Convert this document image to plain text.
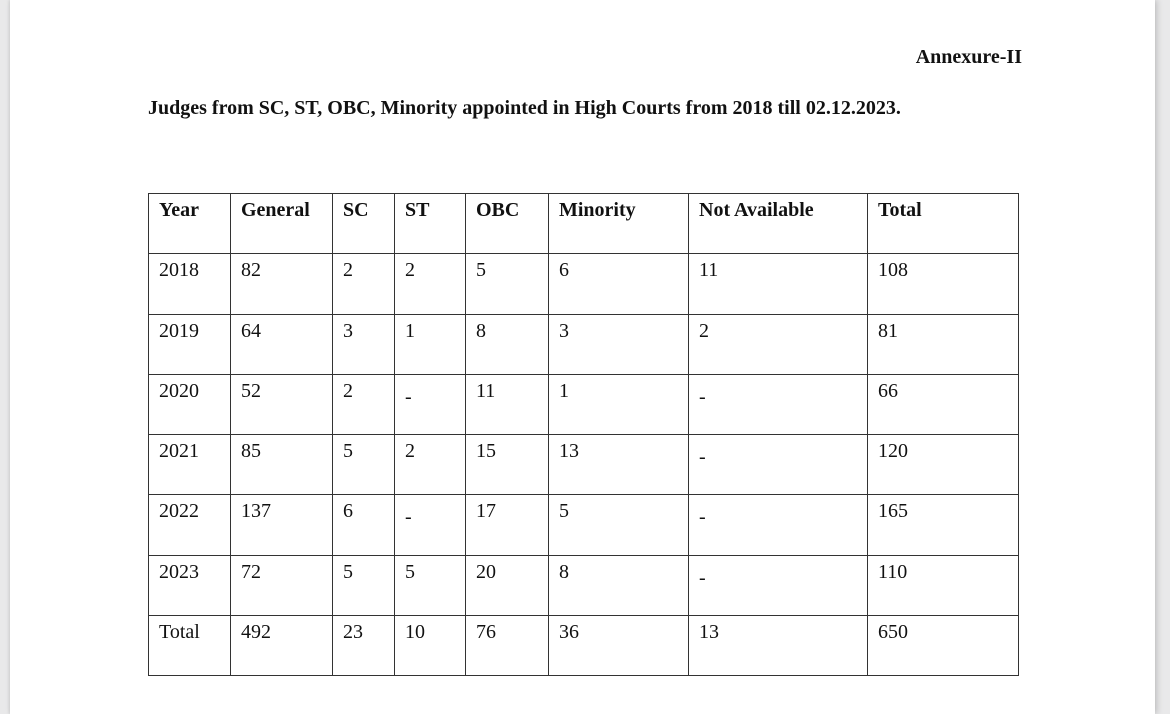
Annexure-II

Judges from SC, ST, OBC, Minority appointed in High Courts from 2018 till 02.12.2023.

Year	General	SC	ST	OBC	Minority	Not Available	Total
2018	82	2	2	5	6	11	108
2019	64	3	1	8	3	2	81
2020	52	2	-	11	1	-	66
2021	85	5	2	15	13	-	120
2022	137	6	-	17	5	-	165
2023	72	5	5	20	8	-	110
Total	492	23	10	76	36	13	650
